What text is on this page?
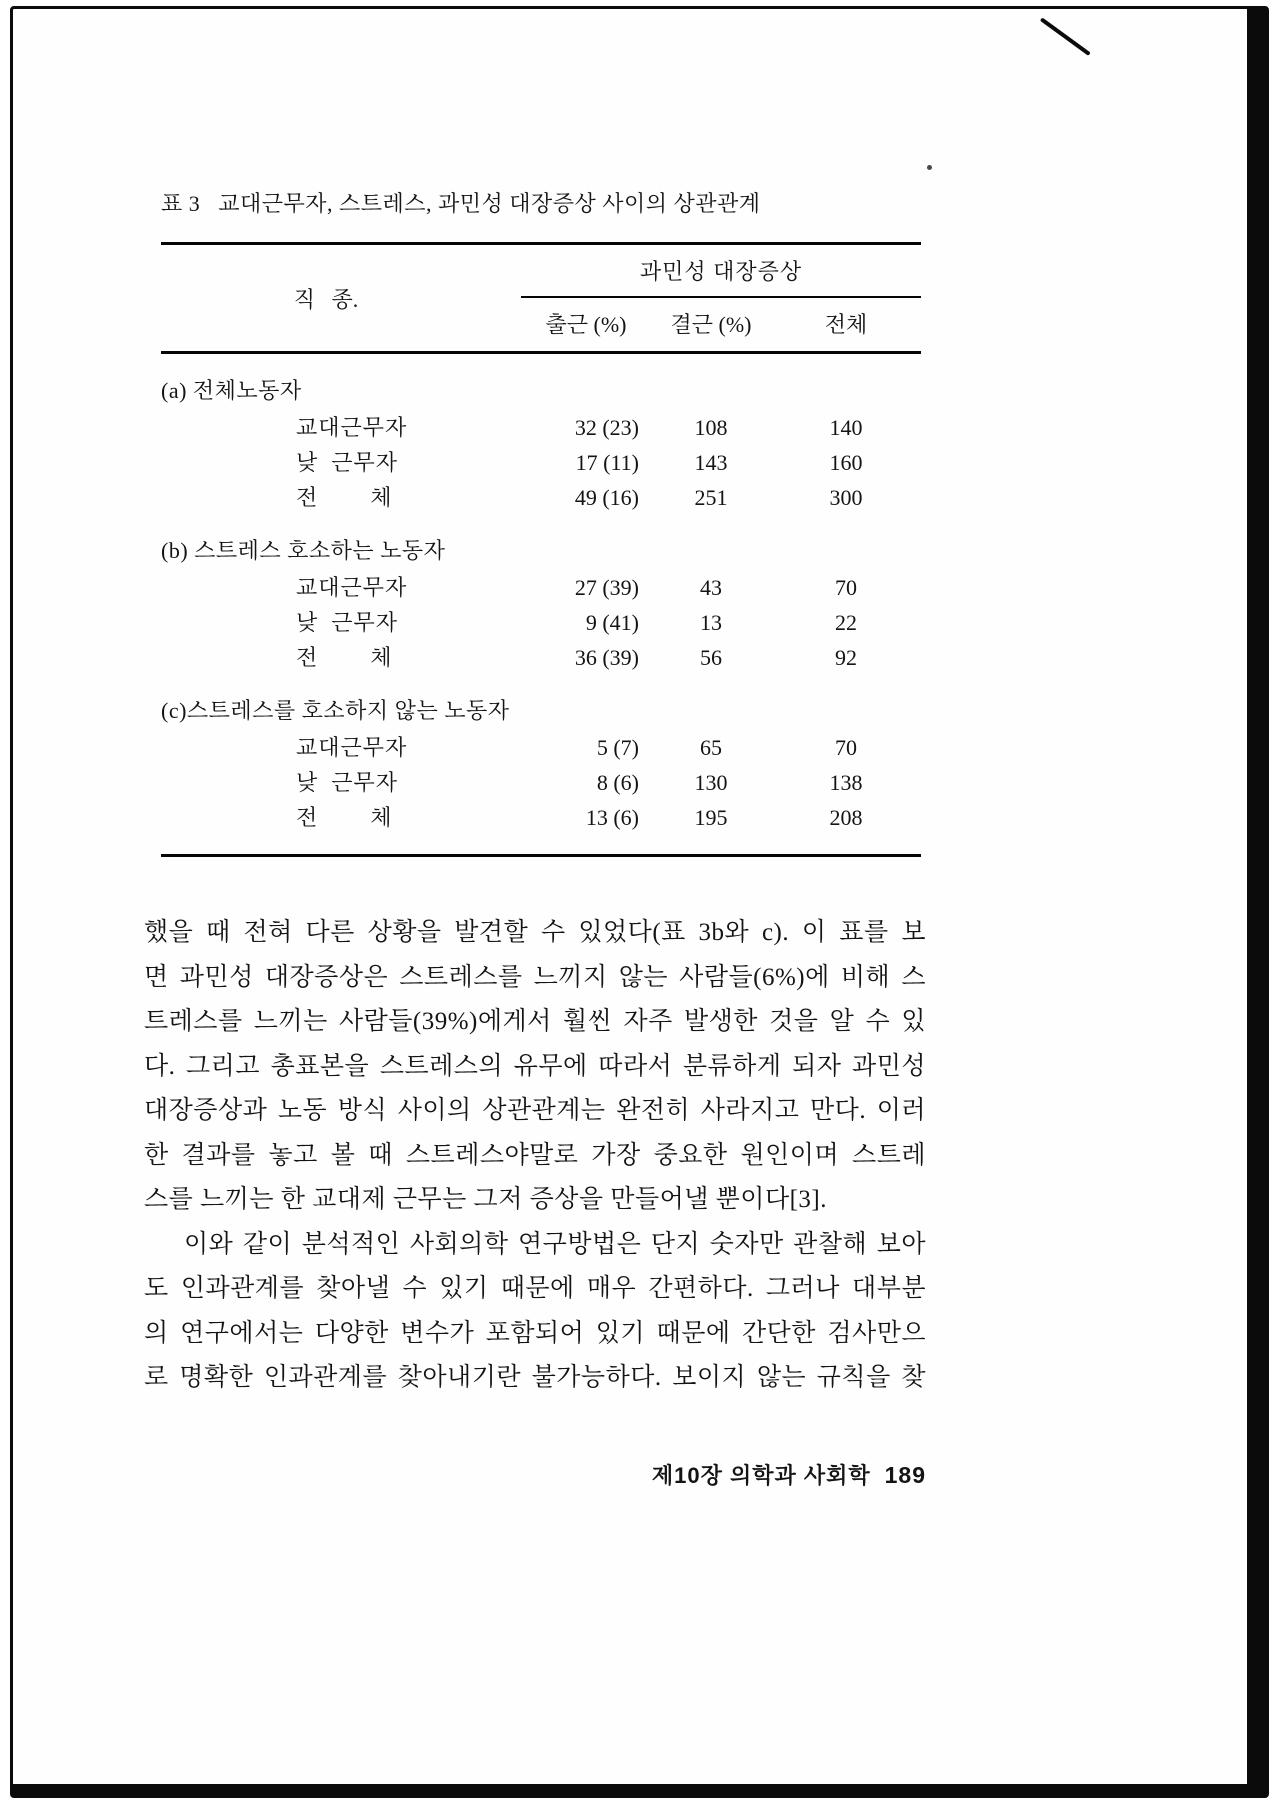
표 3   교대근무자, 스트레스, 과민성 대장증상 사이의 상관관계
직   종.
과민성 대장증상
출근 (%)	결근 (%)	전체
(a) 전체노동자
교대근무자	32 (23)	108	140
낮  근무자	17 (11)	143	160
전        체	49 (16)	251	300
(b) 스트레스 호소하는 노동자
교대근무자	27 (39)	43	70
낮  근무자	9 (41)	13	22
전        체	36 (39)	56	92
(c)스트레스를 호소하지 않는 노동자
교대근무자	5 (7)	65	70
낮  근무자	8 (6)	130	138
전        체	13 (6)	195	208
했을 때 전혀 다른 상황을 발견할 수 있었다(표 3b와 c). 이 표를 보
면 과민성 대장증상은 스트레스를 느끼지 않는 사람들(6%)에 비해 스
트레스를 느끼는 사람들(39%)에게서 훨씬 자주 발생한 것을 알 수 있
다. 그리고 총표본을 스트레스의 유무에 따라서 분류하게 되자 과민성
대장증상과 노동 방식 사이의 상관관계는 완전히 사라지고 만다. 이러
한 결과를 놓고 볼 때 스트레스야말로 가장 중요한 원인이며 스트레
스를 느끼는 한 교대제 근무는 그저 증상을 만들어낼 뿐이다[3].
이와 같이 분석적인 사회의학 연구방법은 단지 숫자만 관찰해 보아
도 인과관계를 찾아낼 수 있기 때문에 매우 간편하다. 그러나 대부분
의 연구에서는 다양한 변수가 포함되어 있기 때문에 간단한 검사만으
로 명확한 인과관계를 찾아내기란 불가능하다. 보이지 않는 규칙을 찾
제10장 의학과 사회학 189
